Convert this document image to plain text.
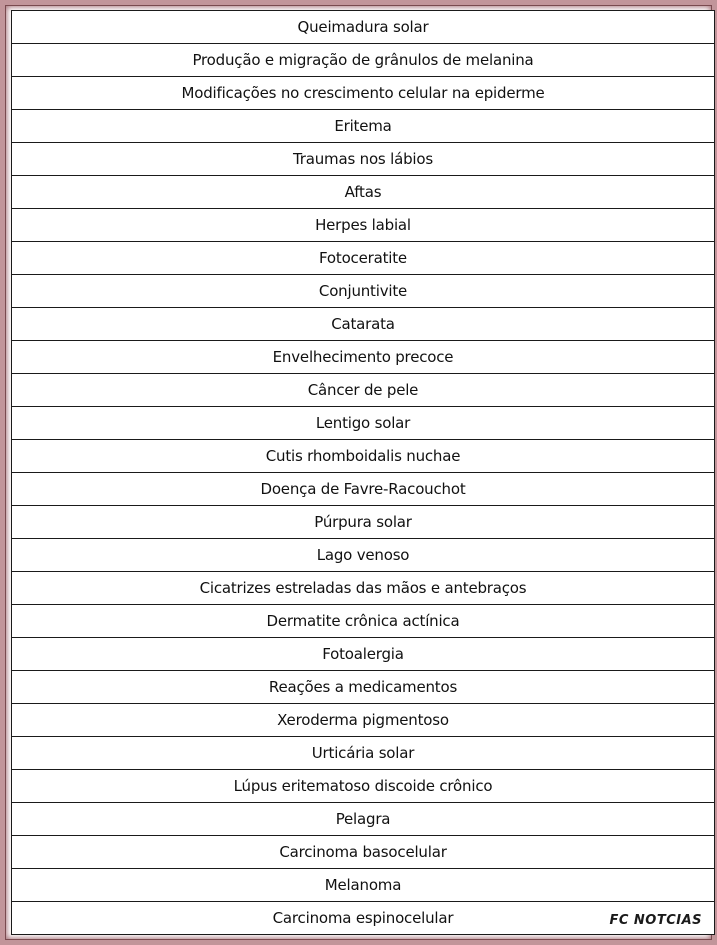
Queimadura solar
Produção e migração de grânulos de melanina
Modificações no crescimento celular na epiderme
Eritema
Traumas nos lábios
Aftas
Herpes labial
Fotoceratite
Conjuntivite
Catarata
Envelhecimento precoce
Câncer de pele
Lentigo solar
Cutis rhomboidalis nuchae
Doença de Favre-Racouchot
Púrpura solar
Lago venoso
Cicatrizes estreladas das mãos e antebraços
Dermatite crônica actínica
Fotoalergia
Reações a medicamentos
Xeroderma pigmentoso
Urticária solar
Lúpus eritematoso discoide crônico
Pelagra
Carcinoma basocelular
Melanoma
Carcinoma espinocelular	FC NOTCIAS
